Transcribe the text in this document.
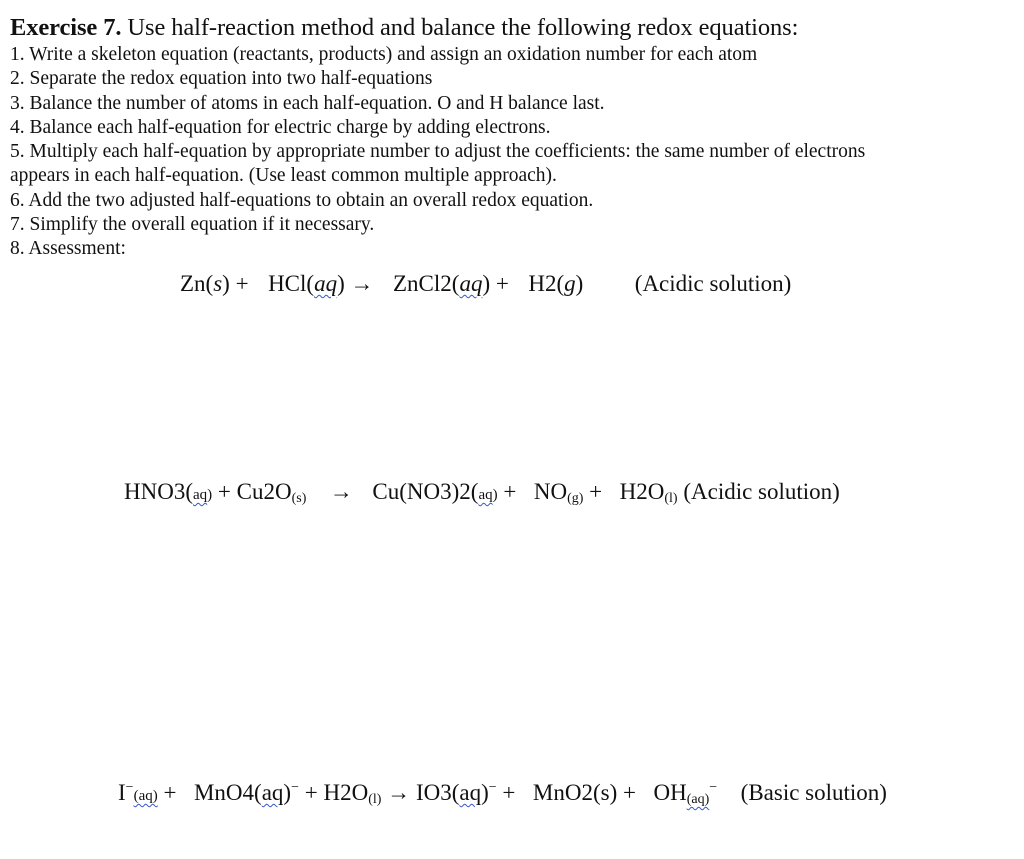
Exercise 7. Use half-reaction method and balance the following redox equations:
1. Write a skeleton equation (reactants, products) and assign an oxidation number for each atom
2. Separate the redox equation into two half-equations
3. Balance the number of atoms in each half-equation. O and H balance last.
4. Balance each half-equation for electric charge by adding electrons.
5. Multiply each half-equation by appropriate number to adjust the coefficients: the same number of electrons
appears in each half-equation. (Use least common multiple approach).
6. Add the two adjusted half-equations to obtain an overall redox equation.
7. Simplify the overall equation if it necessary.
8. Assessment:
Zn(s) + HCl(aq) → ZnCl2(aq) + H2(g) (Acidic solution)
HNO3(aq) + Cu2O(s) → Cu(NO3)2(aq) + NO(g) + H2O(l) (Acidic solution)
I−(aq) + MnO4(aq)− + H2O(l) → IO3(aq)− + MnO2(s) + OH(aq)− (Basic solution)
